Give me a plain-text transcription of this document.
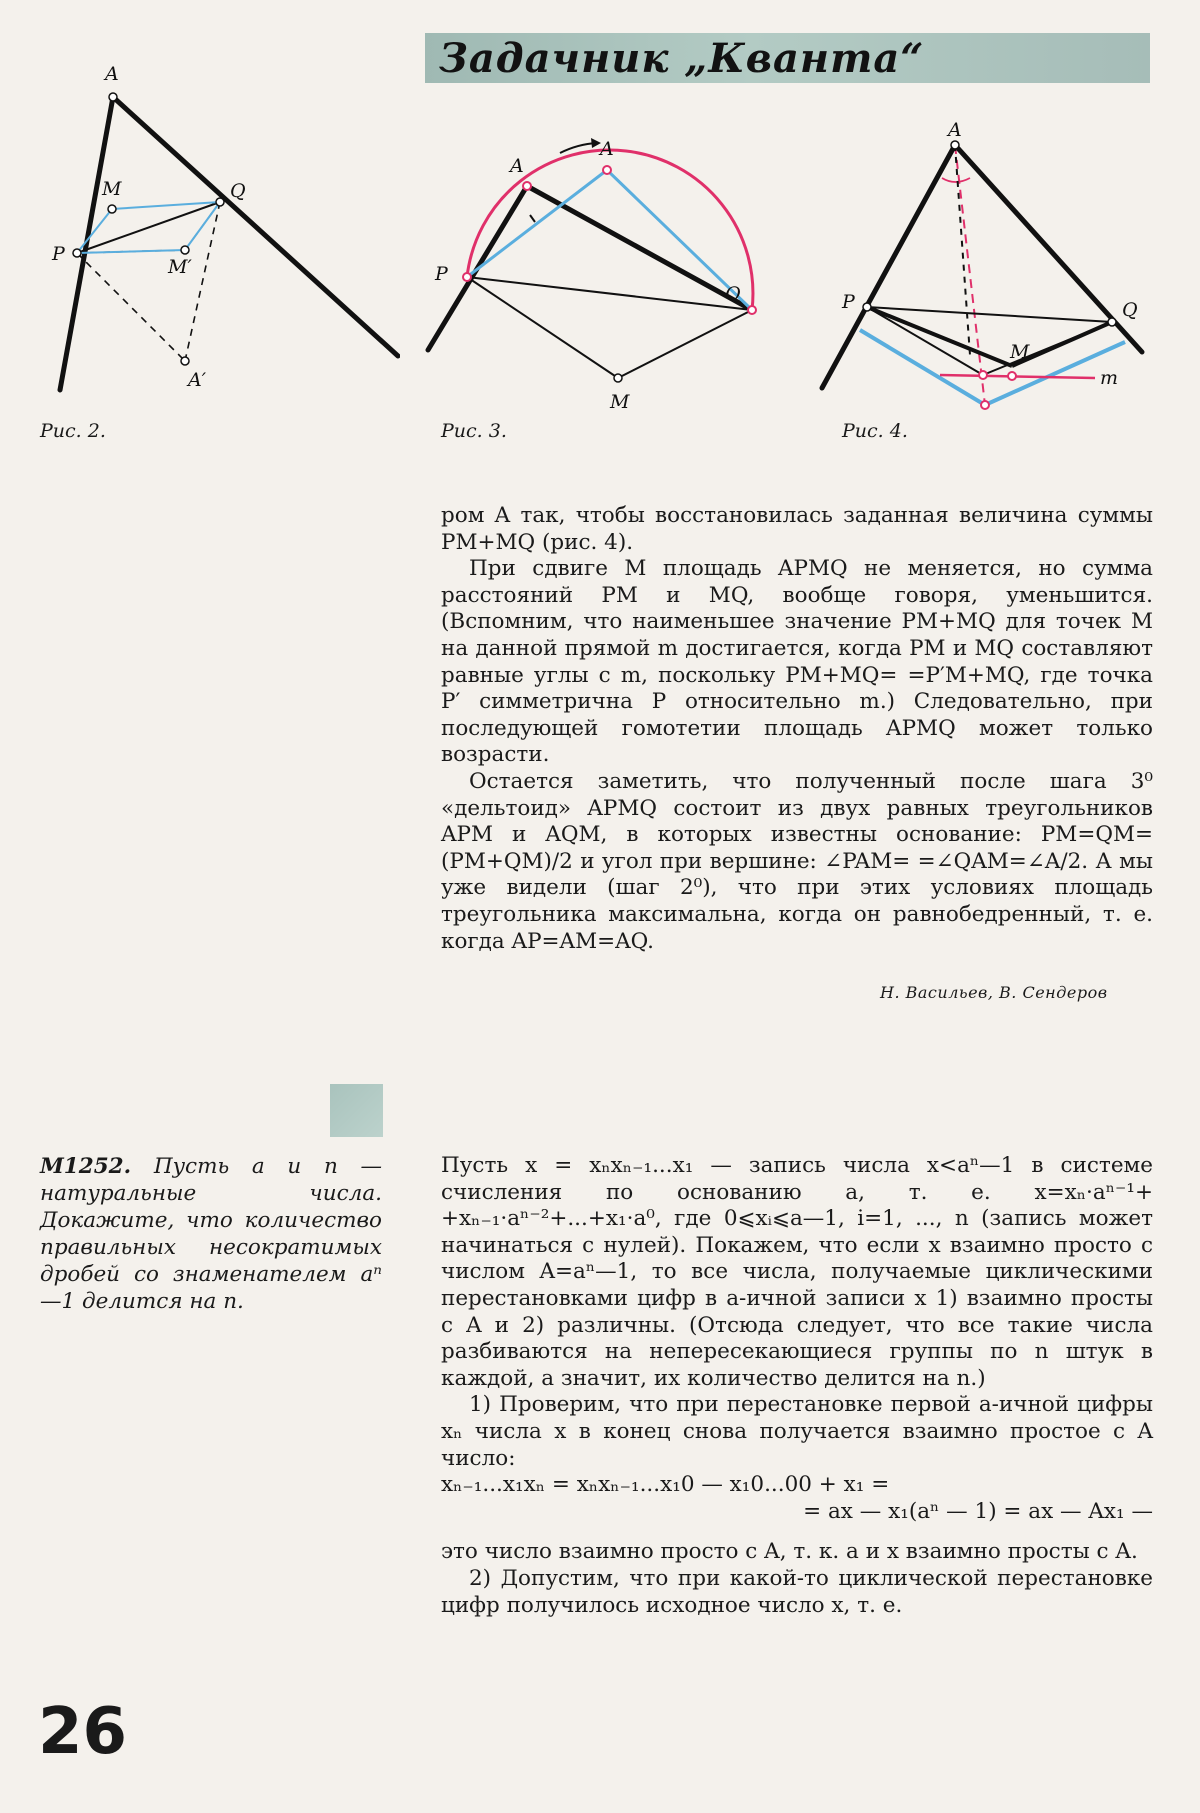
Задачник „Кванта“
A
M	Q
P
M′
A′
Рис. 2.
A
A
P
Q
M
Рис. 3.
A
P	Q
M
m
Рис. 4.

ром A так, чтобы восстановилась заданная величина суммы PM+MQ (рис. 4).

При сдвиге M площадь APMQ не меняется, но сумма расстояний PM и MQ, вообще говоря, уменьшится. (Вспомним, что наименьшее значение PM+MQ для точек M на данной прямой m достигается, когда PM и MQ составляют равные углы с m, поскольку PM+MQ= =P′M+MQ, где точка P′ симметрична P относительно m.) Следовательно, при последующей гомотетии площадь APMQ может только возрасти.

Остается заметить, что полученный после шага 3⁰ «дельтоид» APMQ состоит из двух равных треугольников APM и AQM, в которых известны основание: PM=QM=(PM+QM)/2 и угол при вершине: ∠PAM= =∠QAM=∠A/2. А мы уже видели (шаг 2⁰), что при этих условиях площадь треугольника максимальна, когда он равнобедренный, т. е. когда AP=AM=AQ.

Н. Васильев, В. Сендеров
М1252. Пусть a и n — натуральные числа. Докажите, что количество правильных несократимых дробей со знаменателем aⁿ—1 делится на n.

Пусть x = xₙxₙ₋₁...x₁ — запись числа x<aⁿ—1 в системе счисления по основанию a, т. е. x=xₙ·aⁿ⁻¹+ +xₙ₋₁·aⁿ⁻²+...+x₁·a⁰, где 0⩽xᵢ⩽a—1, i=1, ..., n (запись может начинаться с нулей). Покажем, что если x взаимно просто с числом A=aⁿ—1, то все числа, получаемые циклическими перестановками цифр в a-ичной записи x 1) взаимно просты с A и 2) различны. (Отсюда следует, что все такие числа разбиваются на непересекающиеся группы по n штук в каждой, а значит, их количество делится на n.)

1) Проверим, что при перестановке первой a-ичной цифры xₙ числа x в конец снова получается взаимно простое с A число:

xₙ₋₁...x₁xₙ = xₙxₙ₋₁...x₁0 — x₁0...00 + x₁ =

= ax — x₁(aⁿ — 1) = ax — Ax₁ —

это число взаимно просто с A, т. к. a и x взаимно просты с A.

2) Допустим, что при какой-то циклической перестановке цифр получилось исходное число x, т. е.

26
